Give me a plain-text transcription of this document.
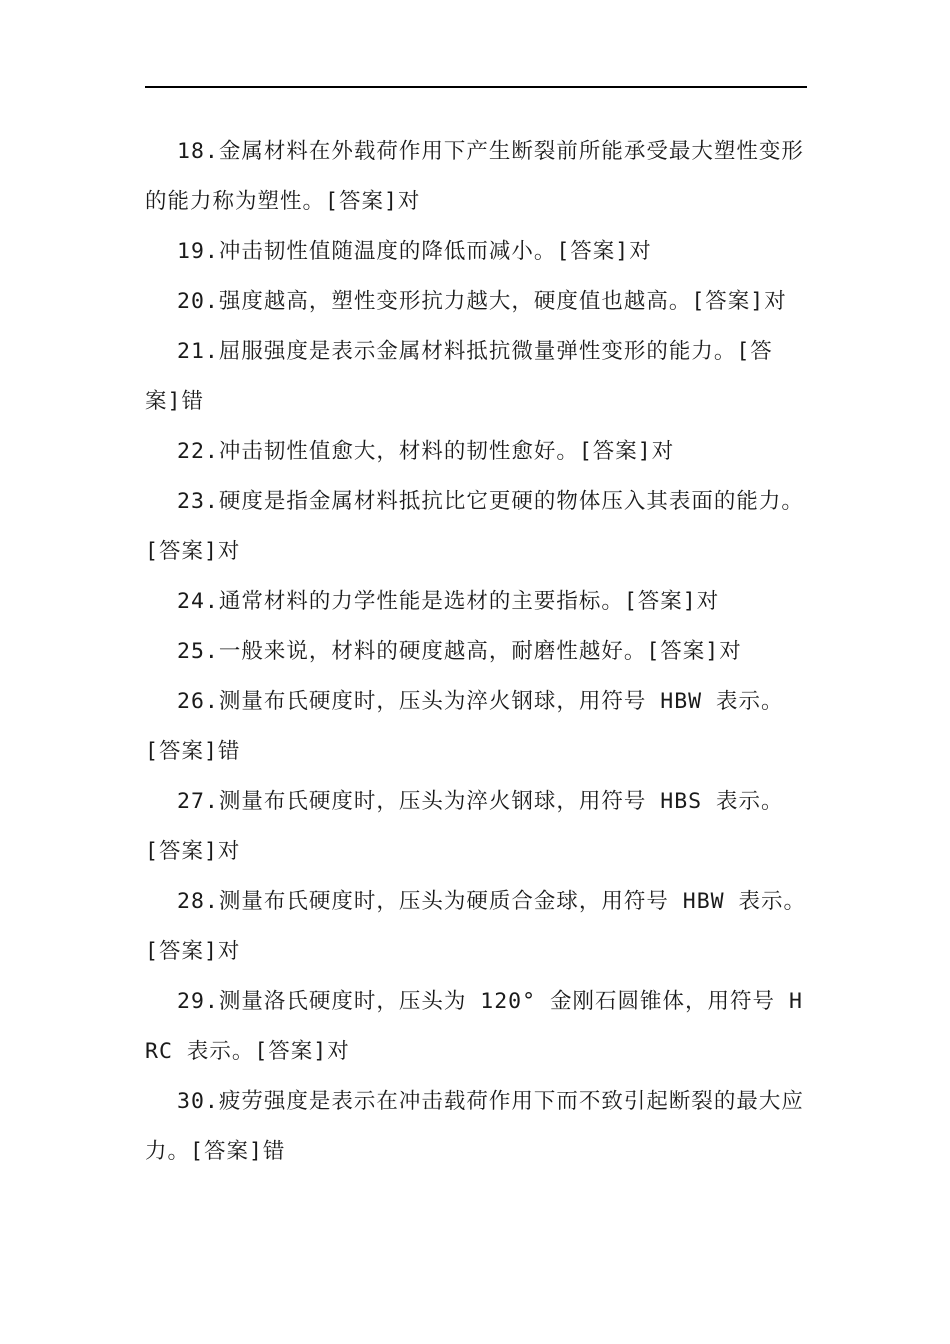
18.金属材料在外载荷作用下产生断裂前所能承受最大塑性变形的能力称为塑性。[答案]对

19.冲击韧性值随温度的降低而减小。[答案]对

20.强度越高，塑性变形抗力越大，硬度值也越高。[答案]对

21.屈服强度是表示金属材料抵抗微量弹性变形的能力。[答案]错

22.冲击韧性值愈大，材料的韧性愈好。[答案]对

23.硬度是指金属材料抵抗比它更硬的物体压入其表面的能力。[答案]对

24.通常材料的力学性能是选材的主要指标。[答案]对

25.一般来说，材料的硬度越高，耐磨性越好。[答案]对

26.测量布氏硬度时，压头为淬火钢球，用符号 HBW 表示。[答案]错

27.测量布氏硬度时，压头为淬火钢球，用符号 HBS 表示。[答案]对

28.测量布氏硬度时，压头为硬质合金球，用符号 HBW 表示。[答案]对

29.测量洛氏硬度时，压头为 120° 金刚石圆锥体，用符号 HRC 表示。[答案]对

30.疲劳强度是表示在冲击载荷作用下而不致引起断裂的最大应力。[答案]错
